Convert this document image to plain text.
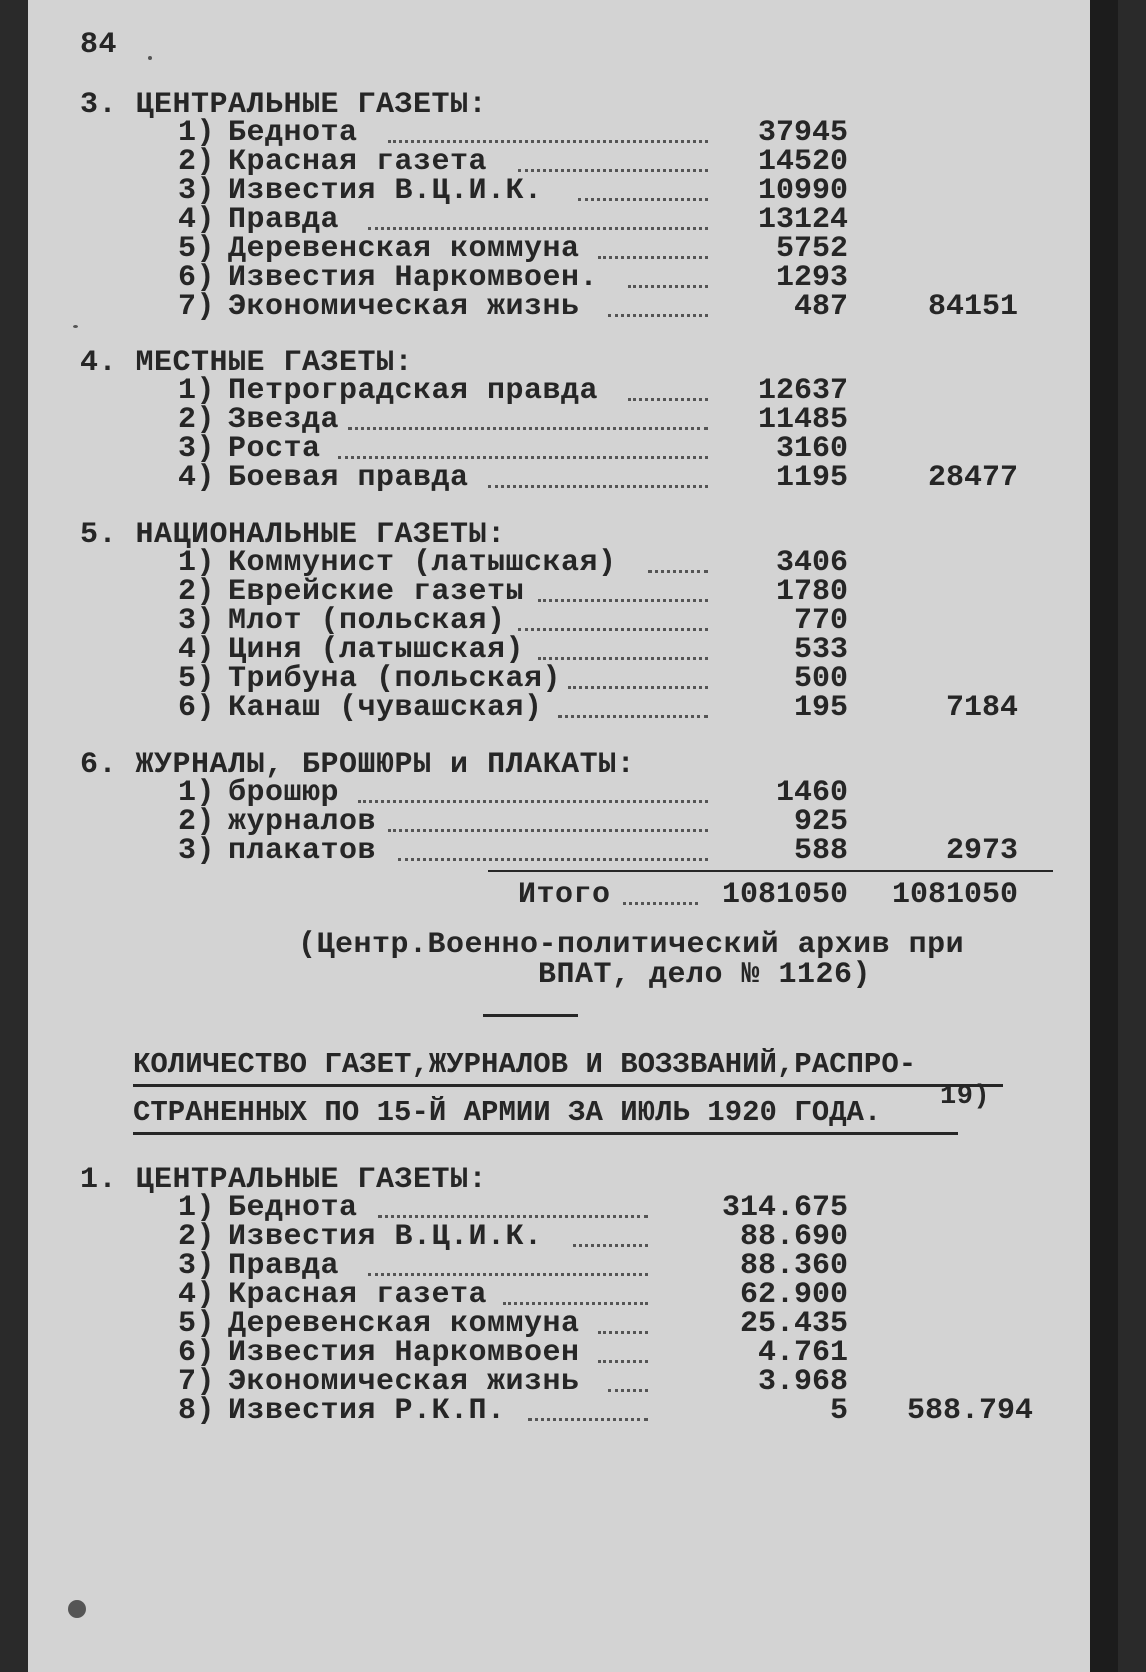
84
3. ЦЕНТРАЛЬНЫЕ ГАЗЕТЫ:
1) Беднота	37945
2) Красная газета	14520
3) Известия В.Ц.И.К.	10990
4) Правда	13124
5) Деревенская коммуна	5752
6) Известия Наркомвоен.	1293
7) Экономическая жизнь	487	84151
4. МЕСТНЫЕ ГАЗЕТЫ:
1) Петроградская правда	12637
2) Звезда	11485
3) Роста	3160
4) Боевая правда	1195	28477
5. НАЦИОНАЛЬНЫЕ ГАЗЕТЫ:
1) Коммунист (латышская)	3406
2) Еврейские газеты	1780
3) Млот (польская)	770
4) Циня (латышская)	533
5) Трибуна (польская)	500
6) Канаш (чувашская)	195	7184
6. ЖУРНАЛЫ, БРОШЮРЫ и ПЛАКАТЫ:
1) брошюр	1460
2) журналов	925
3) плакатов	588	2973
Итого	1081050	1081050
(Центр.Военно-политический архив при
ВПАТ, дело № 1126)
КОЛИЧЕСТВО ГАЗЕТ,ЖУРНАЛОВ И ВОЗЗВАНИЙ,РАСПРО-
СТРАНЕННЫХ ПО 15-Й АРМИИ ЗА ИЮЛЬ 1920 ГОДА. 19)
1. ЦЕНТРАЛЬНЫЕ ГАЗЕТЫ:
1) Беднота	314.675
2) Известия В.Ц.И.К.	88.690
3) Правда	88.360
4) Красная газета	62.900
5) Деревенская коммуна	25.435
6) Известия Наркомвоен	4.761
7) Экономическая жизнь	3.968
8) Известия Р.К.П.	5	588.794
